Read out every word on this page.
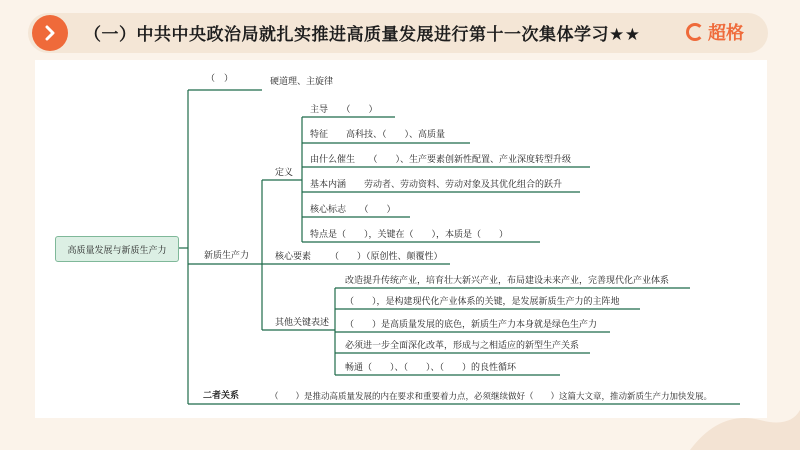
（一）中共中央政治局就扎实推进高质量发展进行第十一次集体学习★★	超格
高质量发展与新质生产力
（　）	硬道理、主旋律
新质生产力
定义
主导　　（　　）
特征　　高科技、（　　）、高质量
由什么催生　　（　　）、生产要素创新性配置、产业深度转型升级
基本内涵　　劳动者、劳动资料、劳动对象及其优化组合的跃升
核心标志　　（　　）
特点是（　　），关键在（　　），本质是（　　）
核心要素 （　　）（原创性、颠覆性）
其他关键表述
改造提升传统产业，培育壮大新兴产业，布局建设未来产业，完善现代化产业体系
（　　），是构建现代化产业体系的关键，是发展新质生产力的主阵地
（　　）是高质量发展的底色，新质生产力本身就是绿色生产力
必须进一步全面深化改革，形成与之相适应的新型生产关系
畅通（　　）、（　　）、（　　）的良性循环
二者关系	（　　）是推动高质量发展的内在要求和重要着力点，必须继续做好（　　）这篇大文章，推动新质生产力加快发展。
